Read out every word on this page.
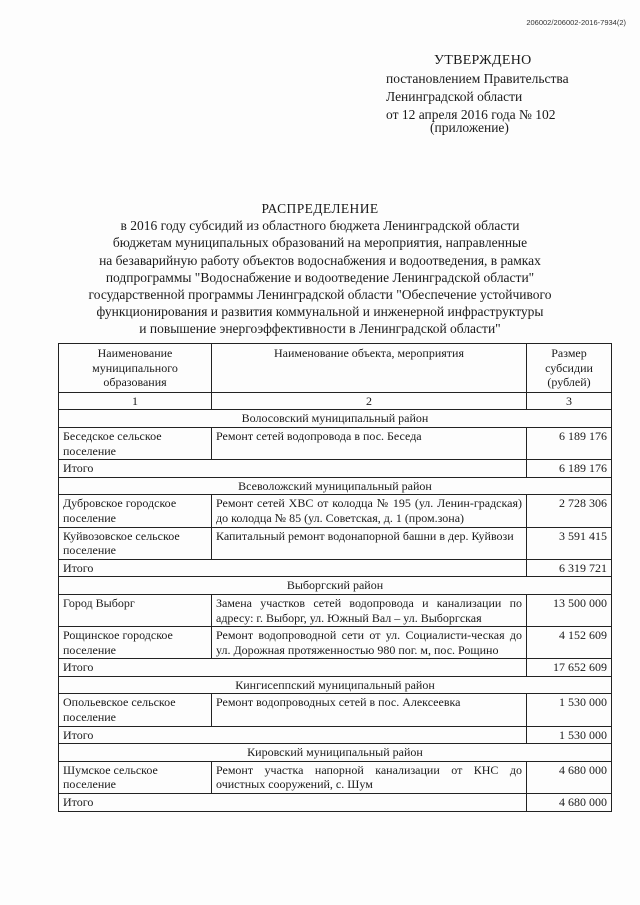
206002/206002-2016-7934(2)
УТВЕРЖДЕНО
постановлением Правительства
Ленинградской области
от 12 апреля 2016 года № 102
(приложение)
РАСПРЕДЕЛЕНИЕ
в 2016 году субсидий из областного бюджета Ленинградской области
бюджетам муниципальных образований на мероприятия, направленные
на безаварийную работу объектов водоснабжения и водоотведения, в рамках
подпрограммы "Водоснабжение и водоотведение Ленинградской области"
государственной программы Ленинградской области "Обеспечение устойчивого
функционирования и развития коммунальной и инженерной инфраструктуры
и повышение энергоэффективности в Ленинградской области"
Наименование муниципального образования	Наименование объекта, мероприятия	Размер субсидии (рублей)
1	2	3
Волосовский муниципальный район		
Беседское сельское поселение	Ремонт сетей водопровода в пос. Беседа	6 189 176
Итого		6 189 176
Всеволожский муниципальный район		
Дубровское городское поселение	Ремонт сетей ХВС от колодца № 195 (ул. Ленин-градская) до колодца № 85 (ул. Советская, д. 1 (пром.зона)	2 728 306
Куйвозовское сельское поселение	Капитальный ремонт водонапорной башни в дер. Куйвози	3 591 415
Итого		6 319 721
Выборгский район		
Город Выборг	Замена участков сетей водопровода и канализации по адресу: г. Выборг, ул. Южный Вал – ул. Выборгская	13 500 000
Рощинское городское поселение	Ремонт водопроводной сети от ул. Социалисти-ческая до ул. Дорожная протяженностью 980 пог. м, пос. Рощино	4 152 609
Итого		17 652 609
Кингисеппский муниципальный район		
Опольевское сельское поселение	Ремонт водопроводных сетей в пос. Алексеевка	1 530 000
Итого		1 530 000
Кировский муниципальный район		
Шумское сельское поселение	Ремонт участка напорной канализации от КНС до очистных сооружений, с. Шум	4 680 000
Итого		4 680 000
